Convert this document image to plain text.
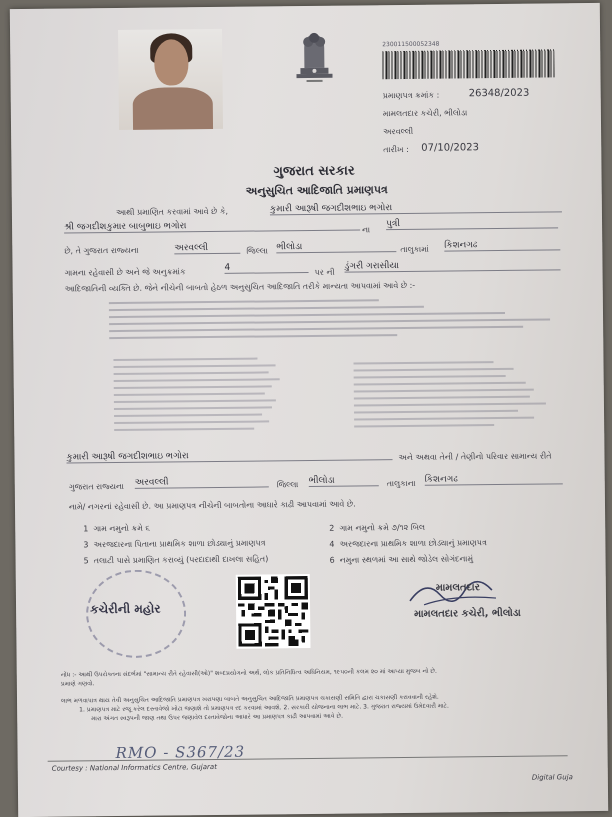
230011500052348
પ્રમાણપત્ર ક્રમાંક :	26348/2023
મામલતદાર કચેરી, ભીલોડા
અરવલ્લી
તારીખ : 07/10/2023
ગુજરાત સરકાર
અનુસુચિત આદિજાતિ પ્રમાણપત્ર
આથી પ્રમાણિત કરવામાં આવે છે કે,	કુમારી આરૂષી જગદીશભાઇ ભગોરા
શ્રી જગદીશકુમાર બાબુભાઇ ભગોરા	ના
પુત્રી
છે, તે ગુજરાત રાજ્યના	અરવલ્લી	જિલ્લા ભીલોડા	તાલુકામાં કિશનગઢ
ગામના રહેવાસી છે અને જે અનુક્રમાંક	4	પર ની
ડુંગરી ગરાસીયા
આદિજાતિની વ્યક્તિ છે. જેને નીચેની બાબતો હેઠળ અનુસુચિત આદિજાતિ તરીકે માન્યતા આપવામાં આવે છે :-
કુમારી આરૂષી જગદીશભાઇ ભગોરા	અને અથવા તેની / તેણીનો પરિવાર સામાન્ય રીતે
ગુજરાત રાજ્યના અરવલ્લી	જિલ્લા ભીલોડા	તાલુકાના કિશનગઢ
નામે/ નગરનાં રહેવાસી છે. આ પ્રમાણપત્ર નીચેની બાબતોના આધારે કાઢી આપવામાં આવે છે.
1 ગામ નમુનો ક્રમે ૬	2 ગામ નમુનો ક્રમે ૭/૧૨ બિલ
3 અરજદારના પિતાના પ્રાથમિક શાળા છોડ્યાનું પ્રમાણપત્ર	4 અરજદારના પ્રાથમિક શાળા છોડ્યાનું પ્રમાણપત્ર
5 તલાટી પાસે પ્રમાણિત કરાવ્યું (પરદાદાથી દાખલા સહિત)	6 નમુના સ્થળમાં આ સાથે જોડેલ સોગંદનામું
કચેરીની મહોર
મામલતદાર
મામલતદાર કચેરી, ભીલોડા
નોંધ :- આથી ઉપરોક્તના સંદર્ભમાં "સામાન્ય રીતે રહેવાસી(ઓ)" શબ્દપ્રયોગનો અર્થ, લોક પ્રતિનિધિત્વ અધિનિયમ, ૧૯૫૦ની કલમ ૨૦ માં આપ્યા મુજબ નો છે.
પ્રમાણે ગણવો.
લાભ મળવાપાત્ર થાય તેવી અનુસુચિત આદિજાતિ પ્રમાણપત્ર ખરાપણા બાબતે અનુસુચિત આદિજાતિ પ્રમાણપત્ર ચકાસણી સમિતિ દ્વારા ચકાસણી કરાવવાની રહેશે.
1. પ્રમાણપત્ર માટે રજૂ કરેલ દસ્તાવેજો ખોટા જણાશે તો પ્રમાણપત્ર રદ કરવામાં આવશે. 2. સરકારી યોજનાના લાભ માટે. 3. ગુજરાત રાજ્યમાં ઉમેદવારી માટે.
મારા અંગત સ્વરૂપની જાણ તથા ઉપર જણાવેલ દસ્તાવેજોના આધારે આ પ્રમાણપત્ર કાઢી આપવામાં આવે છે.
RMO - S367/23
Courtesy : National Informatics Centre, Gujarat
Digital Guja
